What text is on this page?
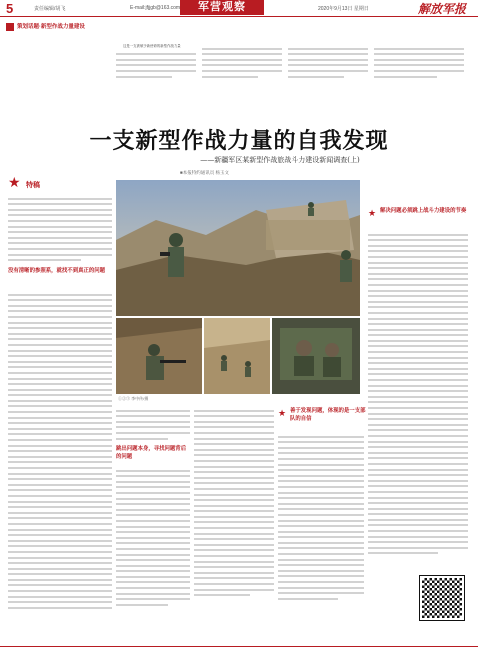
5	责任编辑/胡飞	E-mail:jfjjgb@163.com	军营观察	2020年9月13日 星期日	解放军报
策划话题·新型作战力量建设

这是一支被赋予新使命的新型作战力量

一支新型作战力量的自我发现
——新疆军区某新型作战旅战斗力建设新闻调查(上)
■本报特约通讯员 杨玉文
★ 特稿
没有清晰的参照系，就找不到真正的问题
①②③ 李中传/摄
跳出问题本身，寻找问题背后的问题
★ 善于发现问题，体现的是一支部队的自信
★ 解决问题必须跳上战斗力建设的节奏
